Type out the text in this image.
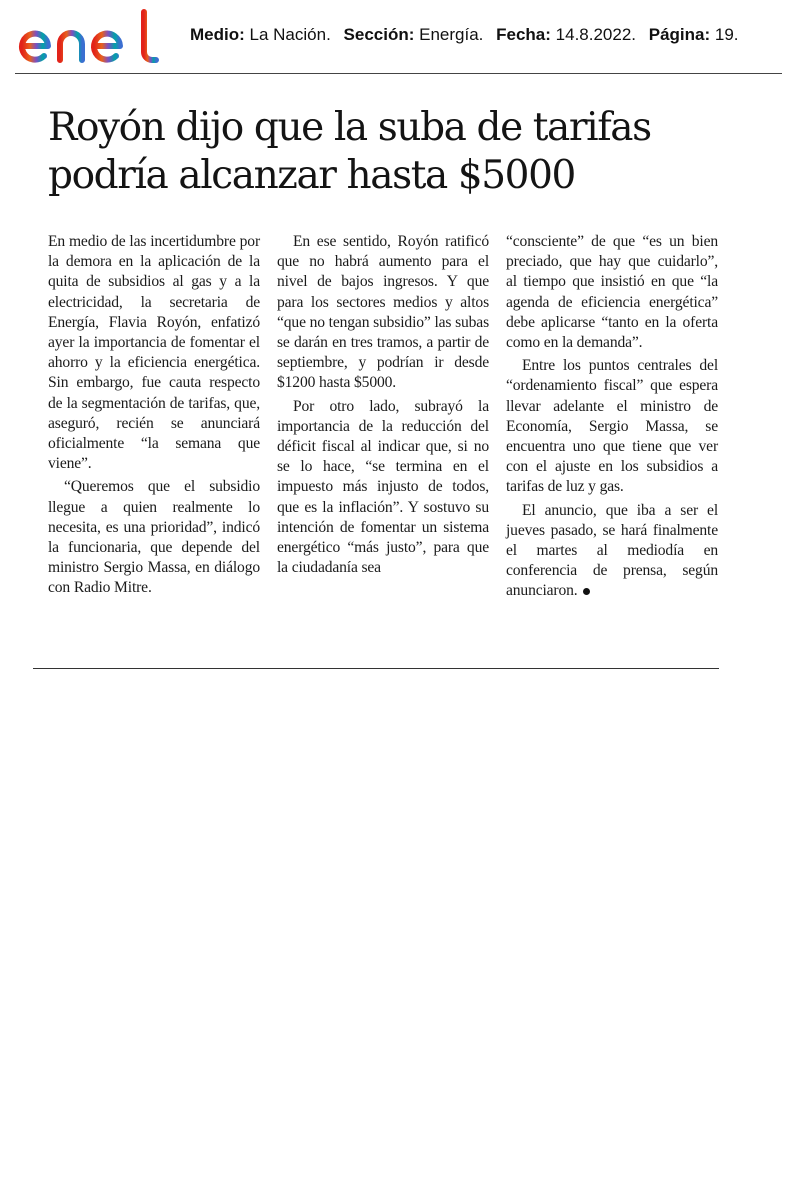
Medio: La Nación. Sección: Energía. Fecha: 14.8.2022. Página: 19.
Royón dijo que la suba de tarifas podría alcanzar hasta $5000

En medio de las incertidumbre por la demora en la aplicación de la quita de subsidios al gas y a la electricidad, la secretaria de Energía, Flavia Royón, enfatizó ayer la importancia de fomentar el ahorro y la eficiencia energética. Sin embargo, fue cauta respecto de la segmentación de tarifas, que, aseguró, recién se anunciará oficialmente “la semana que viene”.

“Queremos que el subsidio llegue a quien realmente lo necesita, es una prioridad”, indicó la funcionaria, que depende del ministro Sergio Massa, en diálogo con Radio Mitre.

En ese sentido, Royón ratificó que no habrá aumento para el nivel de bajos ingresos. Y que para los sectores medios y altos “que no tengan subsidio” las subas se darán en tres tramos, a partir de septiembre, y podrían ir desde $1200 hasta $5000.

Por otro lado, subrayó la importancia de la reducción del déficit fiscal al indicar que, si no se lo hace, “se termina en el impuesto más injusto de todos, que es la inflación”. Y sostuvo su intención de fomentar un sistema energético “más justo”, para que la ciudadanía sea

“consciente” de que “es un bien preciado, que hay que cuidarlo”, al tiempo que insistió en que “la agenda de eficiencia energética” debe aplicarse “tanto en la oferta como en la demanda”.

Entre los puntos centrales del “ordenamiento fiscal” que espera llevar adelante el ministro de Economía, Sergio Massa, se encuentra uno que tiene que ver con el ajuste en los subsidios a tarifas de luz y gas.

El anuncio, que iba a ser el jueves pasado, se hará finalmente el martes al mediodía en conferencia de prensa, según anunciaron.
